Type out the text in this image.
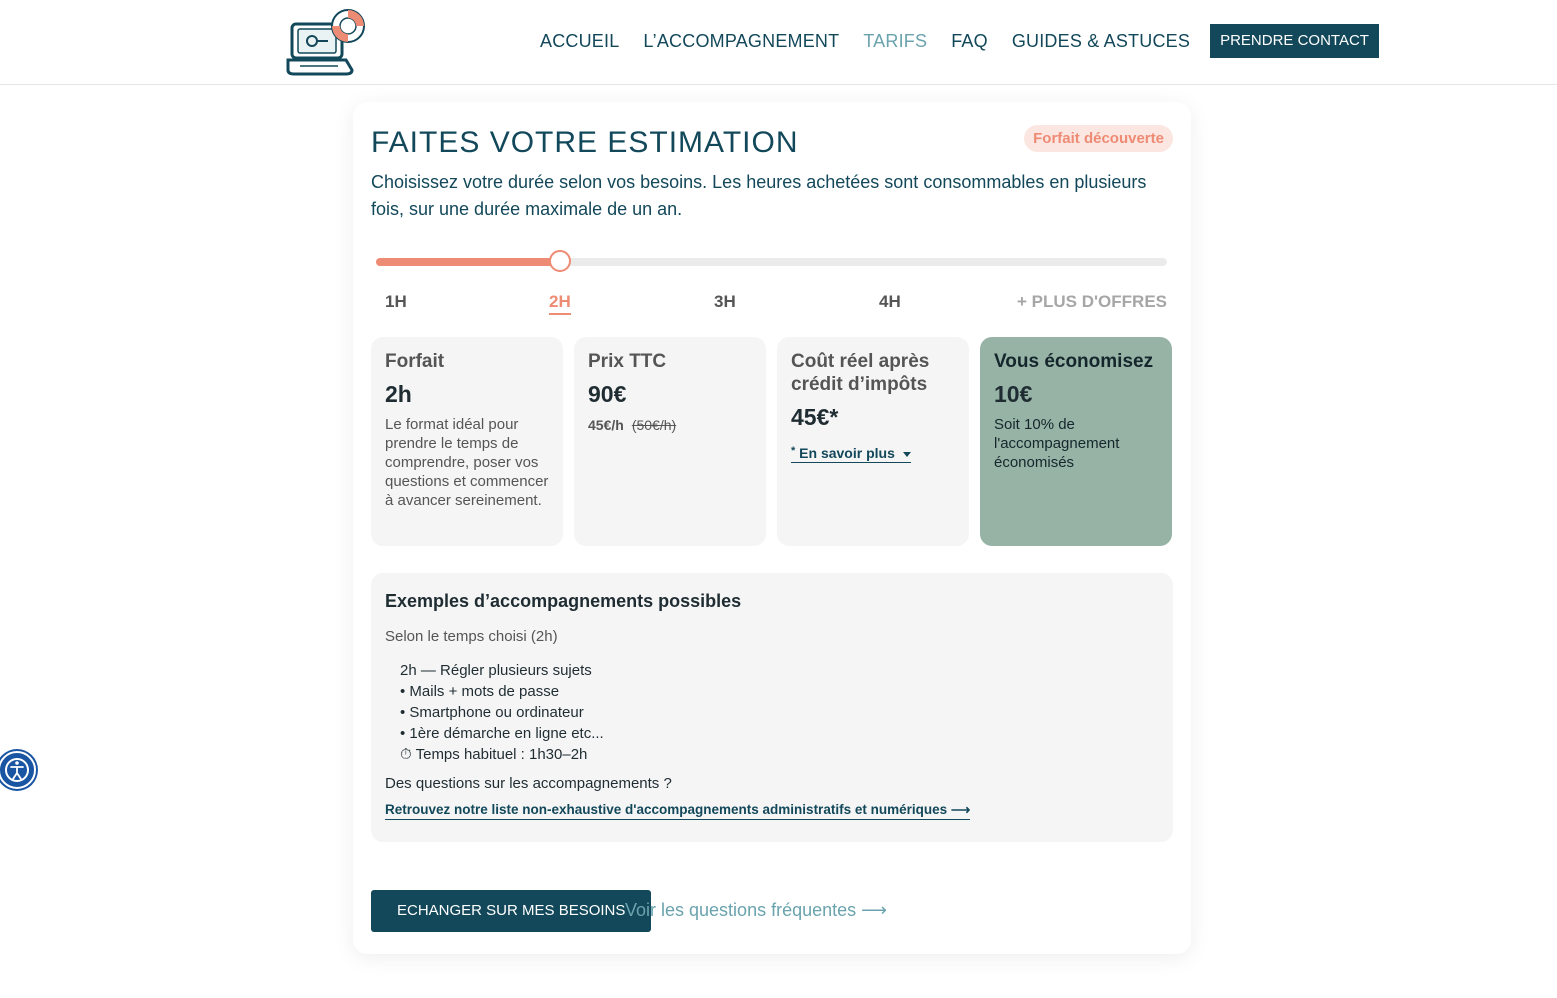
ACCUEIL L’ACCOMPAGNEMENT TARIFS FAQ GUIDES & ASTUCES	PRENDRE CONTACT
FAITES VOTRE ESTIMATION	Forfait découverte

Choisissez votre durée selon vos besoins. Les heures achetées sont consommables en plusieurs fois, sur une durée maximale de un an.

1H	2H	3H	4H	+ PLUS D'OFFRES
Forfait
2h
Le format idéal pour prendre le temps de comprendre, poser vos questions et commencer à avancer sereinement.
Prix TTC
90€
45€/h (50€/h)
Coût réel après crédit d’impôts
45€*
* En savoir plus
Vous économisez
10€
Soit 10% de l'accompagnement économisés
Exemples d’accompagnements possibles
Selon le temps choisi (2h)
2h — Régler plusieurs sujets
• Mails + mots de passe
• Smartphone ou ordinateur
• 1ère démarche en ligne etc...
⏱ Temps habituel : 1h30–2h
Des questions sur les accompagnements ?
Retrouvez notre liste non-exhaustive d'accompagnements administratifs et numériques ⟶
ECHANGER SUR MES BESOINS Voir les questions fréquentes ⟶
